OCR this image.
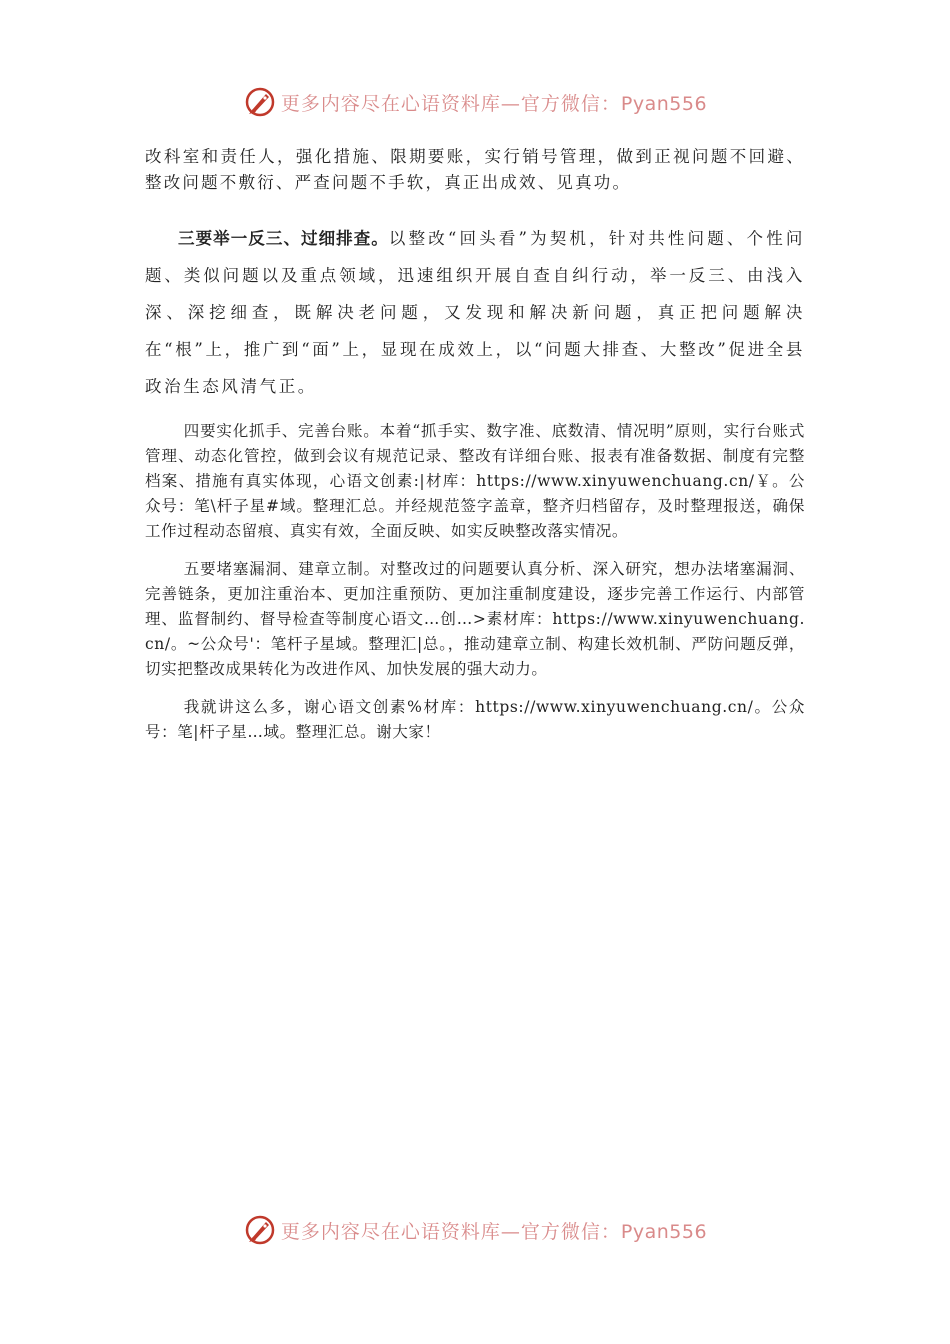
更多内容尽在心语资料库—官方微信：Pyan556

改科室和责任人，强化措施、限期要账，实行销号管理，做到正视问题不回避、整改问题不敷衍、严查问题不手软，真正出成效、见真功。

三要举一反三、过细排查。以整改“回头看”为契机，针对共性问题、个性问题、类似问题以及重点领域，迅速组织开展自查自纠行动，举一反三、由浅入深、深挖细查，既解决老问题，又发现和解决新问题，真正把问题解决在“根”上，推广到“面”上，显现在成效上，以“问题大排查、大整改”促进全县政治生态风清气正。

四要实化抓手、完善台账。本着“抓手实、数字准、底数清、情况明”原则，实行台账式管理、动态化管控，做到会议有规范记录、整改有详细台账、报表有准备数据、制度有完整档案、措施有真实体现，心语文创素:|材库：https://www.xinyuwenchuang.cn/￥。公众号：笔\杆子星#域。整理汇总。并经规范签字盖章，整齐归档留存，及时整理报送，确保工作过程动态留痕、真实有效，全面反映、如实反映整改落实情况。

五要堵塞漏洞、建章立制。对整改过的问题要认真分析、深入研究，想办法堵塞漏洞、完善链条，更加注重治本、更加注重预防、更加注重制度建设，逐步完善工作运行、内部管理、监督制约、督导检查等制度心语文…创…>素材库：https://www.xinyuwenchuang.cn/。~公众号'：笔杆子星域。整理汇|总。，推动建章立制、构建长效机制、严防问题反弹，切实把整改成果转化为改进作风、加快发展的强大动力。

我就讲这么多，谢心语文创素%材库：https://www.xinyuwenchuang.cn/。公众号：笔|杆子星…域。整理汇总。谢大家！

更多内容尽在心语资料库—官方微信：Pyan556
